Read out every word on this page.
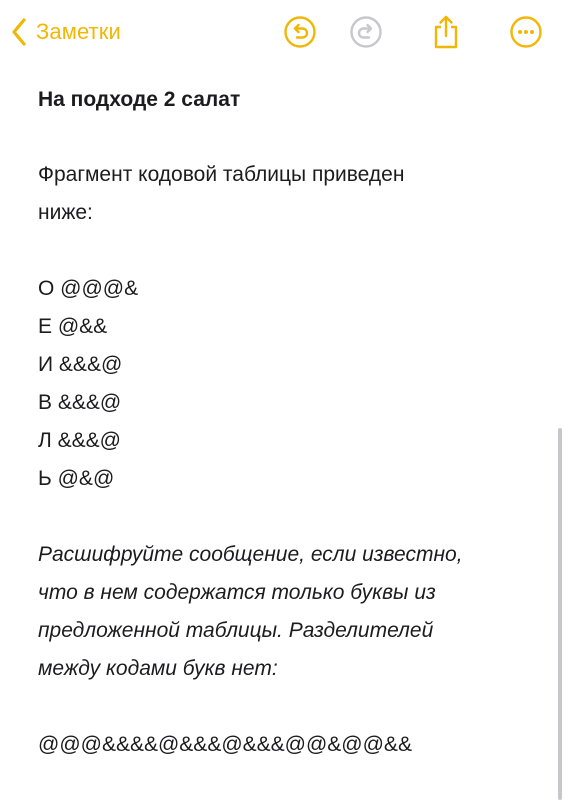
Заметки

На подходе 2 салат

Фрагмент кодовой таблицы приведен

ниже:

О @@@&

Е @&&

И &&&@

В &&&@

Л &&&@

Ь @&@

Расшифруйте сообщение, если известно,

что в нем содержатся только буквы из

предложенной таблицы. Разделителей

между кодами букв нет:

@@@&&&&@&&&@&&&@@&@@&&
